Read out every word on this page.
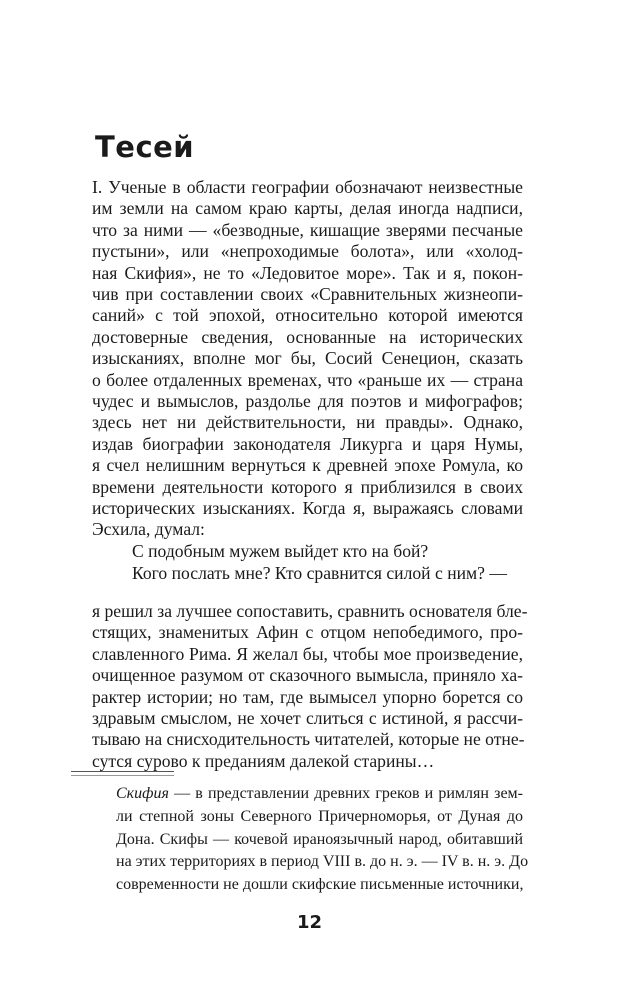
Тесей
I. Ученые в области географии обозначают неизвестные
им земли на самом краю карты, делая иногда надписи,
что за ними — «безводные, кишащие зверями песчаные
пустыни», или «непроходимые болота», или «холод-
ная Скифия», не то «Ледовитое море». Так и я, покон-
чив при составлении своих «Сравнительных жизнеопи-
саний» с той эпохой, относительно которой имеются
достоверные сведения, основанные на исторических
изысканиях, вполне мог бы, Сосий Сенецион, сказать
о более отдаленных временах, что «раньше их — страна
чудес и вымыслов, раздолье для поэтов и мифографов;
здесь нет ни действительности, ни правды». Однако,
издав биографии законодателя Ликурга и царя Нумы,
я счел нелишним вернуться к древней эпохе Ромула, ко
времени деятельности которого я приблизился в своих
исторических изысканиях. Когда я, выражаясь словами
Эсхила, думал:
С подобным мужем выйдет кто на бой?
Кого послать мне? Кто сравнится силой с ним? —
я решил за лучшее сопоставить, сравнить основателя бле-
стящих, знаменитых Афин с отцом непобедимого, про-
славленного Рима. Я желал бы, чтобы мое произведение,
очищенное разумом от сказочного вымысла, приняло ха-
рактер истории; но там, где вымысел упорно борется со
здравым смыслом, не хочет слиться с истиной, я рассчи-
тываю на снисходительность читателей, которые не отне-
сутся сурово к преданиям далекой старины…
Скифия — в представлении древних греков и римлян зем-
ли степной зоны Северного Причерноморья, от Дуная до
Дона. Скифы — кочевой ираноязычный народ, обитавший
на этих территориях в период VIII в. до н. э. — IV в. н. э. До
современности не дошли скифские письменные источники,
12
